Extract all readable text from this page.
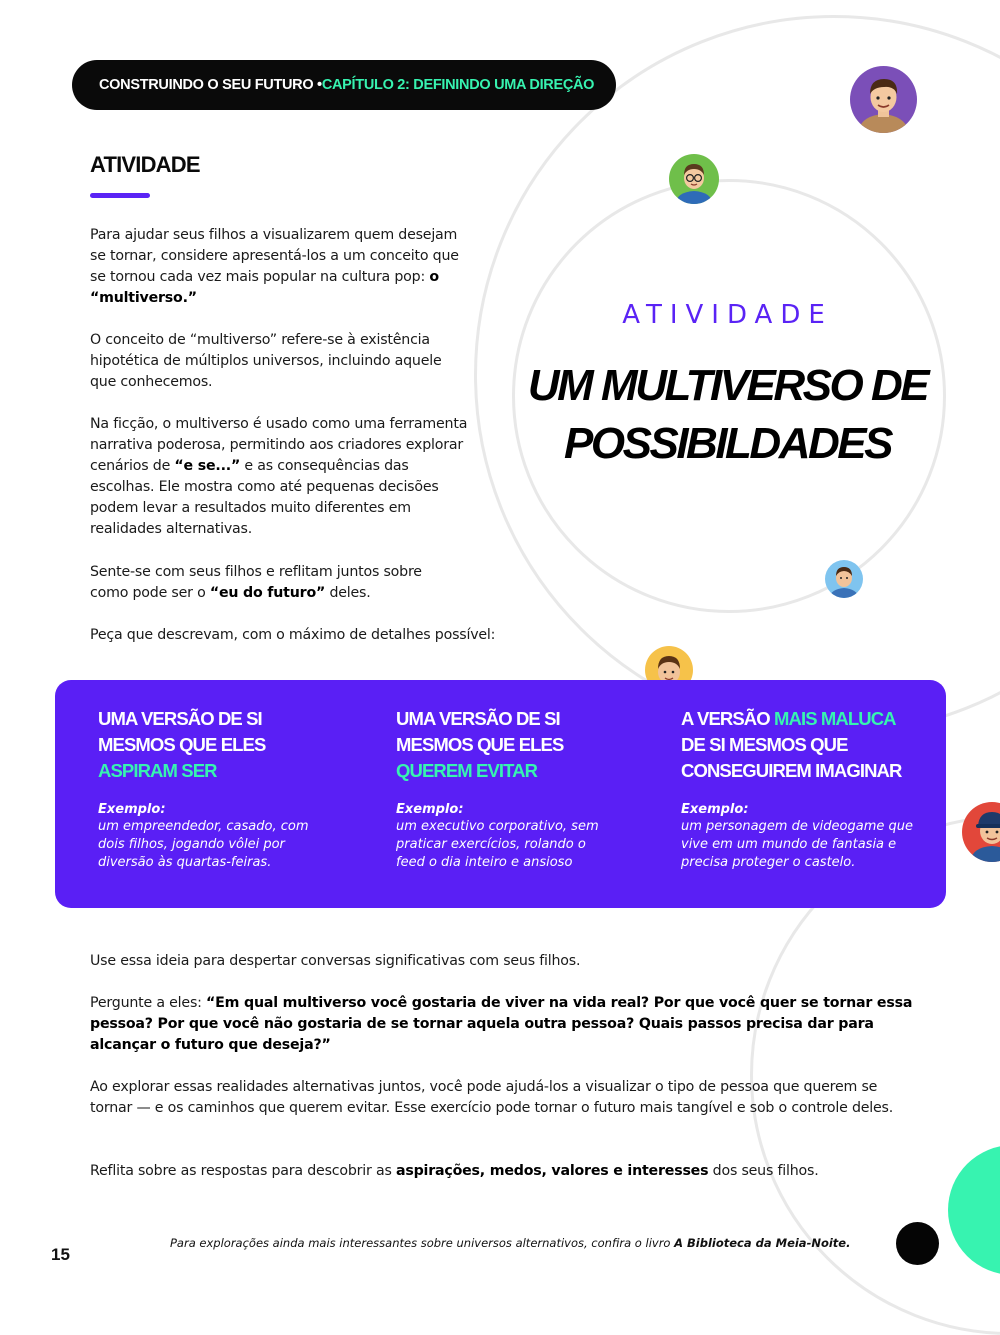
CONSTRUINDO O SEU FUTURO • CAPÍTULO 2: DEFININDO UMA DIREÇÃO
ATIVIDADE
Para ajudar seus filhos a visualizarem quem desejam se tornar, considere apresentá-los a um conceito que se tornou cada vez mais popular na cultura pop: o “multiverso.”
O conceito de “multiverso” refere-se à existência hipotética de múltiplos universos, incluindo aquele que conhecemos.
Na ficção, o multiverso é usado como uma ferramenta narrativa poderosa, permitindo aos criadores explorar cenários de “e se...” e as consequências das escolhas. Ele mostra como até pequenas decisões podem levar a resultados muito diferentes em realidades alternativas.
Sente-se com seus filhos e reflitam juntos sobre como pode ser o “eu do futuro” deles.
Peça que descrevam, com o máximo de detalhes possível:
ATIVIDADE
UM MULTIVERSO DE
POSSIBILDADES
UMA VERSÃO DE SI MESMOS QUE ELES ASPIRAM SER
Exemplo:
um empreendedor, casado, com dois filhos, jogando vôlei por diversão às quartas-feiras.
UMA VERSÃO DE SI MESMOS QUE ELES QUEREM EVITAR
Exemplo:
um executivo corporativo, sem praticar exercícios, rolando o feed o dia inteiro e ansioso
A VERSÃO MAIS MALUCA DE SI MESMOS QUE CONSEGUIREM IMAGINAR
Exemplo:
um personagem de videogame que vive em um mundo de fantasia e precisa proteger o castelo.
Use essa ideia para despertar conversas significativas com seus filhos.
Pergunte a eles: “Em qual multiverso você gostaria de viver na vida real? Por que você quer se tornar essa pessoa? Por que você não gostaria de se tornar aquela outra pessoa? Quais passos precisa dar para alcançar o futuro que deseja?”
Ao explorar essas realidades alternativas juntos, você pode ajudá-los a visualizar o tipo de pessoa que querem se tornar — e os caminhos que querem evitar. Esse exercício pode tornar o futuro mais tangível e sob o controle deles.
Reflita sobre as respostas para descobrir as aspirações, medos, valores e interesses dos seus filhos.
15
Para explorações ainda mais interessantes sobre universos alternativos, confira o livro A Biblioteca da Meia-Noite.
